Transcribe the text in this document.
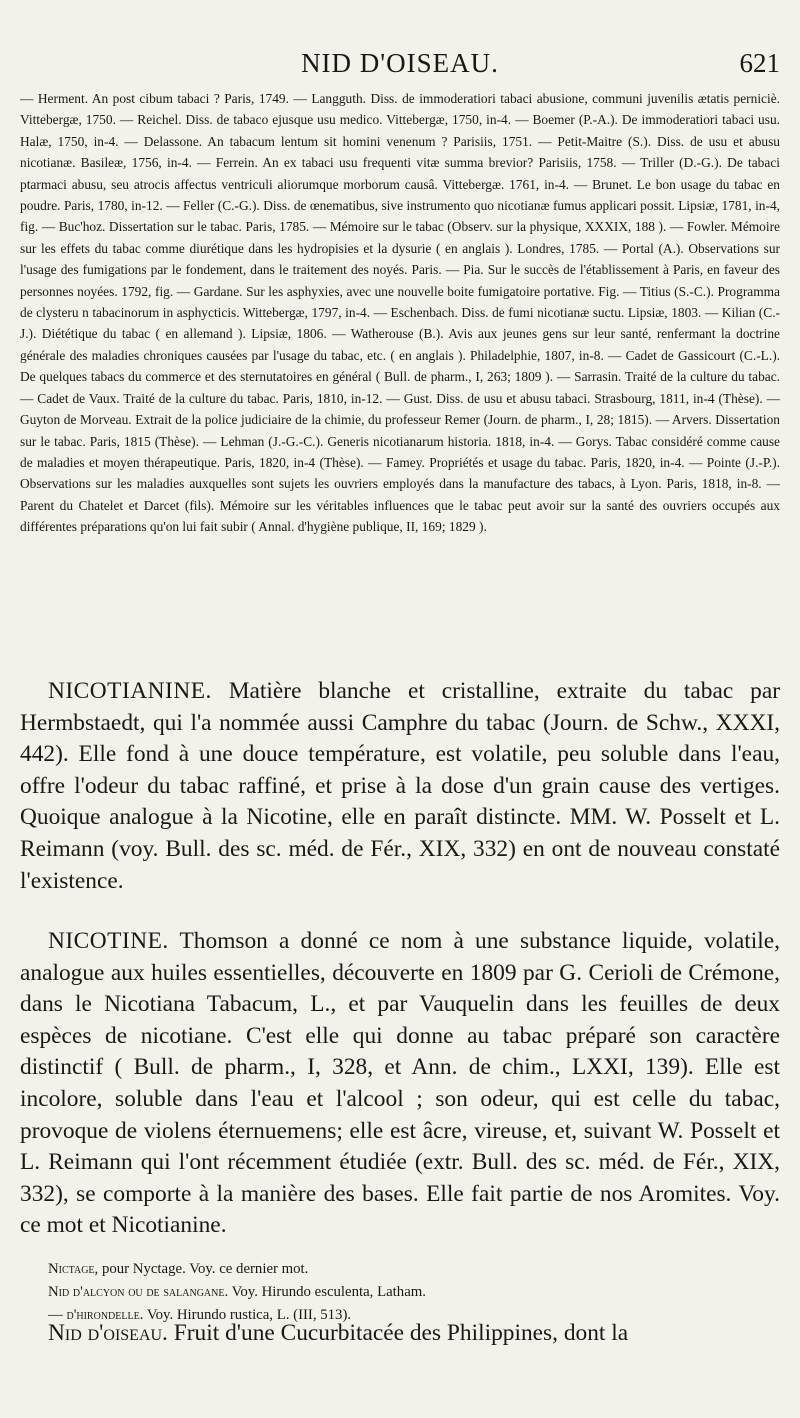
NID D'OISEAU.	621

— Herment. An post cibum tabaci ? Paris, 1749. — Langguth. Diss. de immoderatiori tabaci abusione, communi juvenilis ætatis perniciè. Vittebergæ, 1750. — Reichel. Diss. de tabaco ejusque usu medico. Vittebergæ, 1750, in-4. — Boemer (P.-A.). De immoderatiori tabaci usu. Halæ, 1750, in-4. — Delassone. An tabacum lentum sit homini venenum ? Parisiis, 1751. — Petit-Maitre (S.). Diss. de usu et abusu nicotianæ. Basileæ, 1756, in-4. — Ferrein. An ex tabaci usu frequenti vitæ summa brevior? Parisiis, 1758. — Triller (D.-G.). De tabaci ptarmaci abusu, seu atrocis affectus ventriculi aliorumque morborum causâ. Vittebergæ. 1761, in-4. — Brunet. Le bon usage du tabac en poudre. Paris, 1780, in-12. — Feller (C.-G.). Diss. de œnematibus, sive instrumento quo nicotianæ fumus applicari possit. Lipsiæ, 1781, in-4, fig. — Buc'hoz. Dissertation sur le tabac. Paris, 1785. — Mémoire sur le tabac (Observ. sur la physique, XXXIX, 188 ). — Fowler. Mémoire sur les effets du tabac comme diurétique dans les hydropisies et la dysurie ( en anglais ). Londres, 1785. — Portal (A.). Observations sur l'usage des fumigations par le fondement, dans le traitement des noyés. Paris. — Pia. Sur le succès de l'établissement à Paris, en faveur des personnes noyées. 1792, fig. — Gardane. Sur les asphyxies, avec une nouvelle boite fumigatoire portative. Fig. — Titius (S.-C.). Programma de clysteru n tabacinorum in asphycticis. Wittebergæ, 1797, in-4. — Eschenbach. Diss. de fumi nicotianæ suctu. Lipsiæ, 1803. — Kilian (C.-J.). Diététique du tabac ( en allemand ). Lipsiæ, 1806. — Watherouse (B.). Avis aux jeunes gens sur leur santé, renfermant la doctrine générale des maladies chroniques causées par l'usage du tabac, etc. ( en anglais ). Philadelphie, 1807, in-8. — Cadet de Gassicourt (C.-L.). De quelques tabacs du commerce et des sternutatoires en général ( Bull. de pharm., I, 263; 1809 ). — Sarrasin. Traité de la culture du tabac. — Cadet de Vaux. Traité de la culture du tabac. Paris, 1810, in-12. — Gust. Diss. de usu et abusu tabaci. Strasbourg, 1811, in-4 (Thèse). — Guyton de Morveau. Extrait de la police judiciaire de la chimie, du professeur Remer (Journ. de pharm., I, 28; 1815). — Arvers. Dissertation sur le tabac. Paris, 1815 (Thèse). — Lehman (J.-G.-C.). Generis nicotianarum historia. 1818, in-4. — Gorys. Tabac considéré comme cause de maladies et moyen thérapeutique. Paris, 1820, in-4 (Thèse). — Famey. Propriétés et usage du tabac. Paris, 1820, in-4. — Pointe (J.-P.). Observations sur les maladies auxquelles sont sujets les ouvriers employés dans la manufacture des tabacs, à Lyon. Paris, 1818, in-8. — Parent du Chatelet et Darcet (fils). Mémoire sur les véritables influences que le tabac peut avoir sur la santé des ouvriers occupés aux différentes préparations qu'on lui fait subir ( Annal. d'hygiène publique, II, 169; 1829 ).

NICOTIANINE. Matière blanche et cristalline, extraite du tabac par Hermbstaedt, qui l'a nommée aussi Camphre du tabac (Journ. de Schw., XXXI, 442). Elle fond à une douce température, est volatile, peu soluble dans l'eau, offre l'odeur du tabac raffiné, et prise à la dose d'un grain cause des vertiges. Quoique analogue à la Nicotine, elle en paraît distincte. MM. W. Posselt et L. Reimann (voy. Bull. des sc. méd. de Fér., XIX, 332) en ont de nouveau constaté l'existence.

NICOTINE. Thomson a donné ce nom à une substance liquide, volatile, analogue aux huiles essentielles, découverte en 1809 par G. Cerioli de Crémone, dans le Nicotiana Tabacum, L., et par Vauquelin dans les feuilles de deux espèces de nicotiane. C'est elle qui donne au tabac préparé son caractère distinctif ( Bull. de pharm., I, 328, et Ann. de chim., LXXI, 139). Elle est incolore, soluble dans l'eau et l'alcool ; son odeur, qui est celle du tabac, provoque de violens éternuemens; elle est âcre, vireuse, et, suivant W. Posselt et L. Reimann qui l'ont récemment étudiée (extr. Bull. des sc. méd. de Fér., XIX, 332), se comporte à la manière des bases. Elle fait partie de nos Aromites. Voy. ce mot et Nicotianine.

Nictage, pour Nyctage. Voy. ce dernier mot.

Nid d'alcyon ou de salangane. Voy. Hirundo esculenta, Latham.

— d'hirondelle. Voy. Hirundo rustica, L. (III, 513).

Nid d'oiseau. Fruit d'une Cucurbitacée des Philippines, dont la
